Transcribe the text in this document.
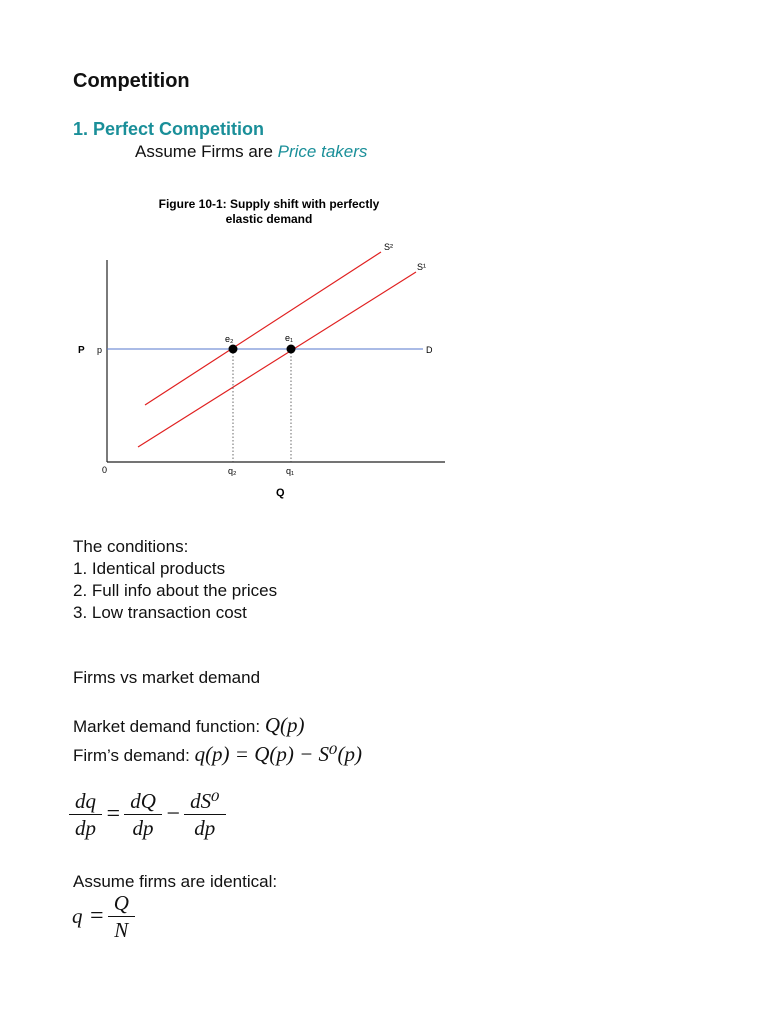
Competition
1. Perfect Competition
Assume Firms are Price takers
Figure 10-1: Supply shift with perfectly
elastic demand
P p	D
S²
S¹
e₂	e₁
0	q₂	q₁
Q
The conditions:
1. Identical products
2. Full info about the prices
3. Low transaction cost
Firms vs market demand
Market demand function: Q(p)
Firm’s demand: q(p) = Q(p) − S⁰(p)
$\frac{dq}{dp} = \frac{dQ}{dp} - \frac{\text{dS⁰}}{dp}$
Assume firms are identical:
$q = \frac{Q}{N}$
